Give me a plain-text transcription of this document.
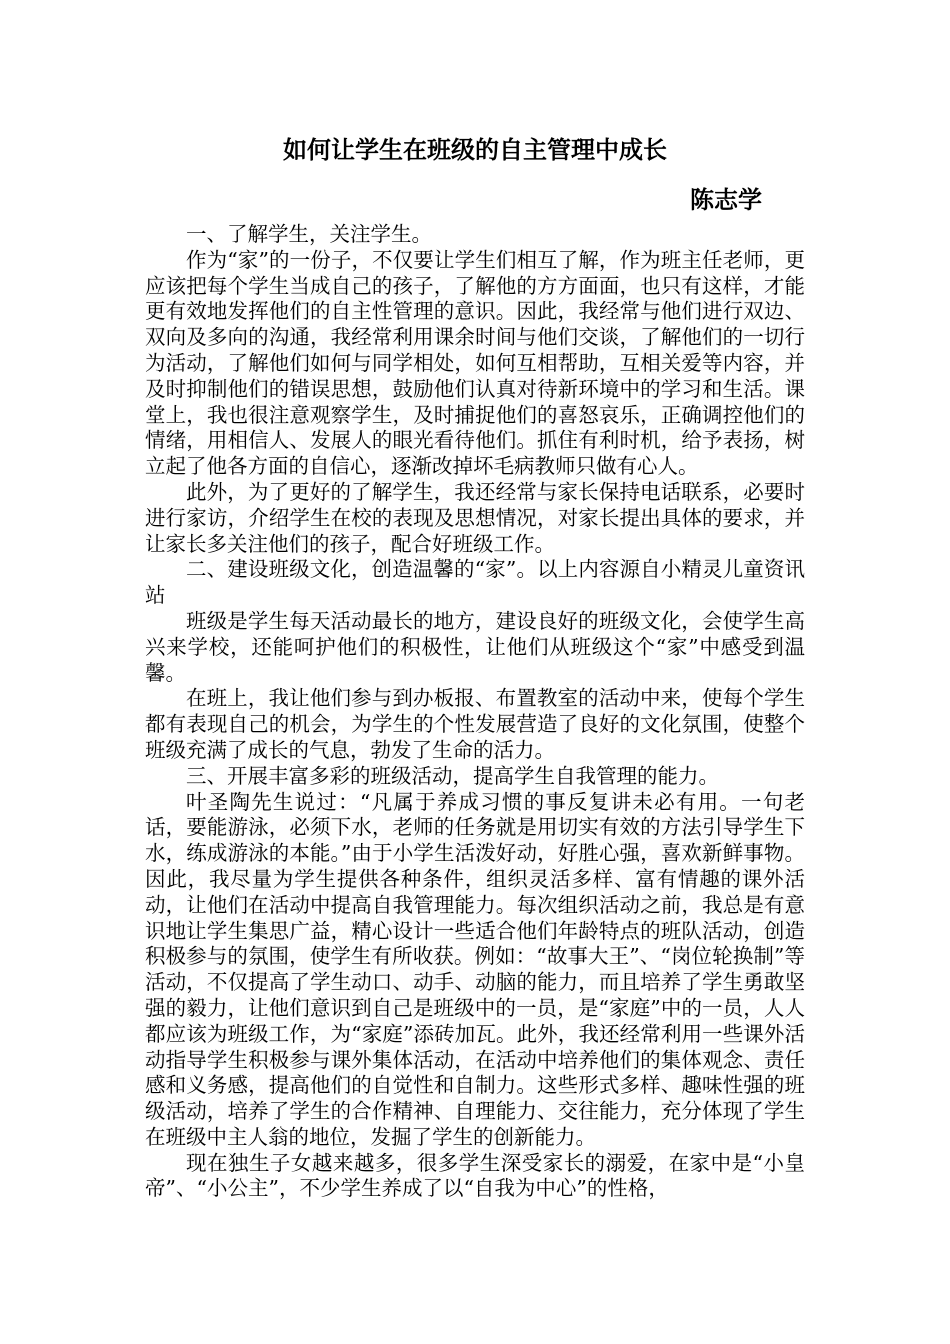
如何让学生在班级的自主管理中成长
陈志学

一、了解学生，关注学生。

作为“家”的一份子，不仅要让学生们相互了解，作为班主任老师，更应该把每个学生当成自己的孩子，了解他的方方面面，也只有这样，才能更有效地发挥他们的自主性管理的意识。因此，我经常与他们进行双边、双向及多向的沟通，我经常利用课余时间与他们交谈，了解他们的一切行为活动，了解他们如何与同学相处，如何互相帮助，互相关爱等内容，并及时抑制他们的错误思想，鼓励他们认真对待新环境中的学习和生活。课堂上，我也很注意观察学生，及时捕捉他们的喜怒哀乐，正确调控他们的情绪，用相信人、发展人的眼光看待他们。抓住有利时机，给予表扬，树立起了他各方面的自信心，逐渐改掉坏毛病教师只做有心人。

此外，为了更好的了解学生，我还经常与家长保持电话联系，必要时进行家访，介绍学生在校的表现及思想情况，对家长提出具体的要求，并让家长多关注他们的孩子，配合好班级工作。

二、建设班级文化，创造温馨的“家”。以上内容源自小精灵儿童资讯站

班级是学生每天活动最长的地方，建设良好的班级文化，会使学生高兴来学校，还能呵护他们的积极性，让他们从班级这个“家”中感受到温馨。

在班上，我让他们参与到办板报、布置教室的活动中来，使每个学生都有表现自己的机会，为学生的个性发展营造了良好的文化氛围，使整个班级充满了成长的气息，勃发了生命的活力。

三、开展丰富多彩的班级活动，提高学生自我管理的能力。

叶圣陶先生说过：“凡属于养成习惯的事反复讲未必有用。一句老话，要能游泳，必须下水，老师的任务就是用切实有效的方法引导学生下水，练成游泳的本能。”由于小学生活泼好动，好胜心强，喜欢新鲜事物。因此，我尽量为学生提供各种条件，组织灵活多样、富有情趣的课外活动，让他们在活动中提高自我管理能力。每次组织活动之前，我总是有意识地让学生集思广益，精心设计一些适合他们年龄特点的班队活动，创造积极参与的氛围，使学生有所收获。例如：“故事大王”、“岗位轮换制”等活动，不仅提高了学生动口、动手、动脑的能力，而且培养了学生勇敢坚强的毅力，让他们意识到自己是班级中的一员，是“家庭”中的一员，人人都应该为班级工作，为“家庭”添砖加瓦。此外，我还经常利用一些课外活动指导学生积极参与课外集体活动，在活动中培养他们的集体观念、责任感和义务感，提高他们的自觉性和自制力。这些形式多样、趣味性强的班级活动，培养了学生的合作精神、自理能力、交往能力，充分体现了学生在班级中主人翁的地位，发掘了学生的创新能力。

现在独生子女越来越多，很多学生深受家长的溺爱，在家中是“小皇帝”、“小公主”，不少学生养成了以“自我为中心”的性格，
